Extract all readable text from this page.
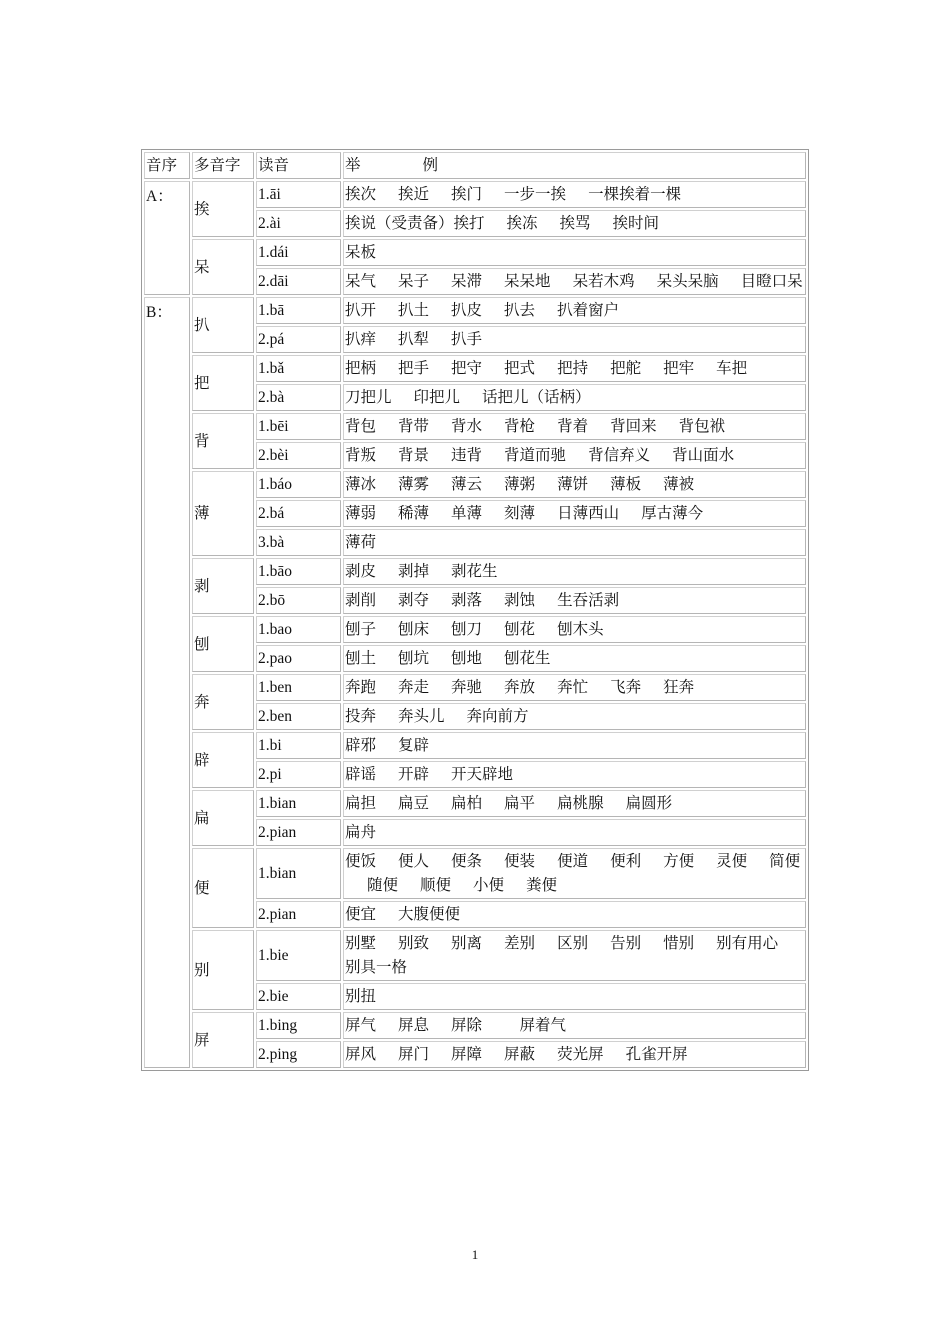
音序	多音字	读音	举　　　　例
A：	挨	1.āi	挨次 挨近 挨门 一步一挨 一棵挨着一棵
		2.ài	挨说（受责备）挨打 挨冻 挨骂 挨时间
	呆	1.dái	呆板
		2.dāi	呆气 呆子 呆滞 呆呆地 呆若木鸡 呆头呆脑 目瞪口呆
B：	扒	1.bā	扒开 扒土 扒皮 扒去 扒着窗户
		2.pá	扒痒 扒犁 扒手
	把	1.bǎ	把柄 把手 把守 把式 把持 把舵 把牢 车把
		2.bà	刀把儿 印把儿 话把儿（话柄）
	背	1.bēi	背包 背带 背水 背枪 背着 背回来 背包袱
		2.bèi	背叛 背景 违背 背道而驰 背信弃义 背山面水
	薄	1.báo	薄冰 薄雾 薄云 薄粥 薄饼 薄板 薄被
		2.bá	薄弱 稀薄 单薄 刻薄 日薄西山 厚古薄今
		3.bà	薄荷
	剥	1.bāo	剥皮 剥掉 剥花生
		2.bō	剥削 剥夺 剥落 剥蚀 生吞活剥
	刨	1.bao	刨子 刨床 刨刀 刨花 刨木头
		2.pao	刨土 刨坑 刨地 刨花生
	奔	1.ben	奔跑 奔走 奔驰 奔放 奔忙 飞奔 狂奔
		2.ben	投奔 奔头儿 奔向前方
	辟	1.bi	辟邪 复辟
		2.pi	辟谣 开辟 开天辟地
	扁	1.bian	扁担 扁豆 扁柏 扁平 扁桃腺 扁圆形
		2.pian	扁舟
	便	1.bian	便饭 便人 便条 便装 便道 便利 方便 灵便 简便随便 顺便 小便 粪便
		2.pian	便宜 大腹便便
	别	1.bie	别墅 别致 别离 差别 区别 告别 惜别 别有用心别具一格
		2.bie	别扭
	屏	1.bing	屏气 屏息 屏除　屏着气
		2.ping	屏风 屏门 屏障 屏蔽 荧光屏 孔雀开屏
1
